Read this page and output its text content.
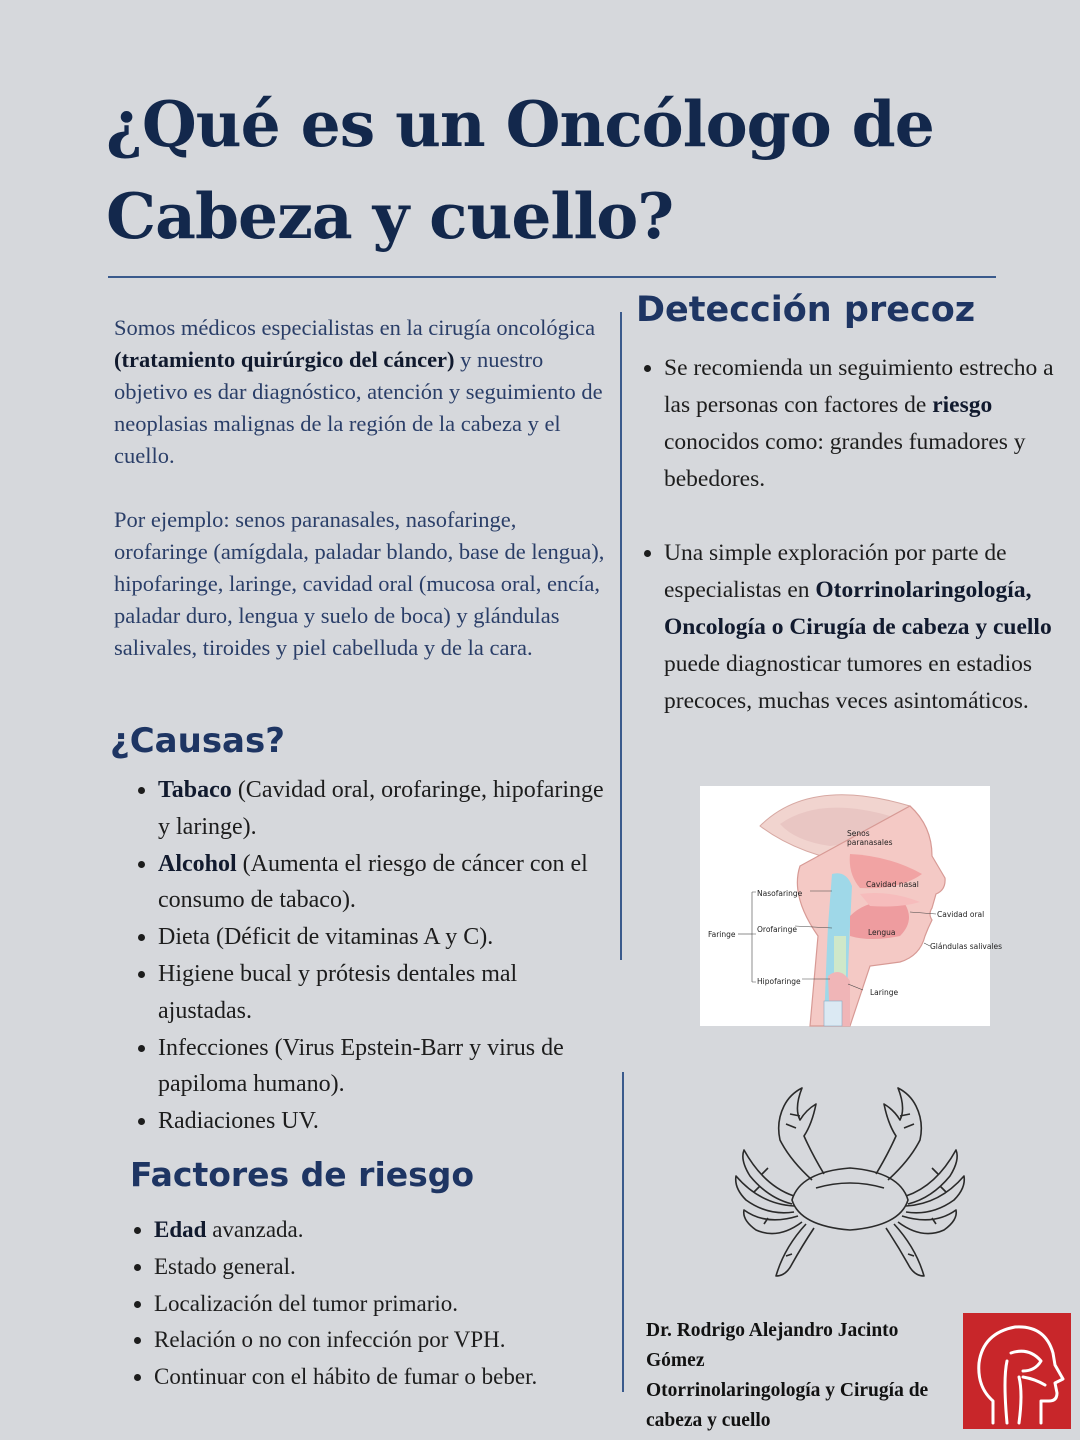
¿Qué es un Oncólogo de Cabeza y cuello?

Somos médicos especialistas en la cirugía oncológica (tratamiento quirúrgico del cáncer) y nuestro objetivo es dar diagnóstico, atención y seguimiento de neoplasias malignas de la región de la cabeza y el cuello.

Por ejemplo: senos paranasales, nasofaringe, orofaringe (amígdala, paladar blando, base de lengua), hipofaringe, laringe, cavidad oral (mucosa oral, encía, paladar duro, lengua y suelo de boca) y glándulas salivales, tiroides y piel cabelluda y de la cara.

¿Causas?
Tabaco (Cavidad oral, orofaringe, hipofaringe y laringe).
Alcohol (Aumenta el riesgo de cáncer con el consumo de tabaco).
Dieta (Déficit de vitaminas A y C).
Higiene bucal y prótesis dentales mal ajustadas.
Infecciones (Virus Epstein-Barr y virus de papiloma humano).
Radiaciones UV.
Factores de riesgo
Edad avanzada.
Estado general.
Localización del tumor primario.
Relación o no con infección por VPH.
Continuar con el hábito de fumar o beber.
Detección precoz
Se recomienda un seguimiento estrecho a las personas con factores de riesgo conocidos como: grandes fumadores y bebedores.
Una simple exploración por parte de especialistas en Otorrinolaringología, Oncología o Cirugía de cabeza y cuello puede diagnosticar tumores en estadios precoces, muchas veces asintomáticos.
Senos
paranasales
Cavidad nasal
Nasofaringe
Cavidad oral
Faringe
Orofaringe	Lengua
Glándulas salivales
Hipofaringe
Laringe
Dr. Rodrigo Alejandro Jacinto
Gómez
Otorrinolaringología y Cirugía de
cabeza y cuello
